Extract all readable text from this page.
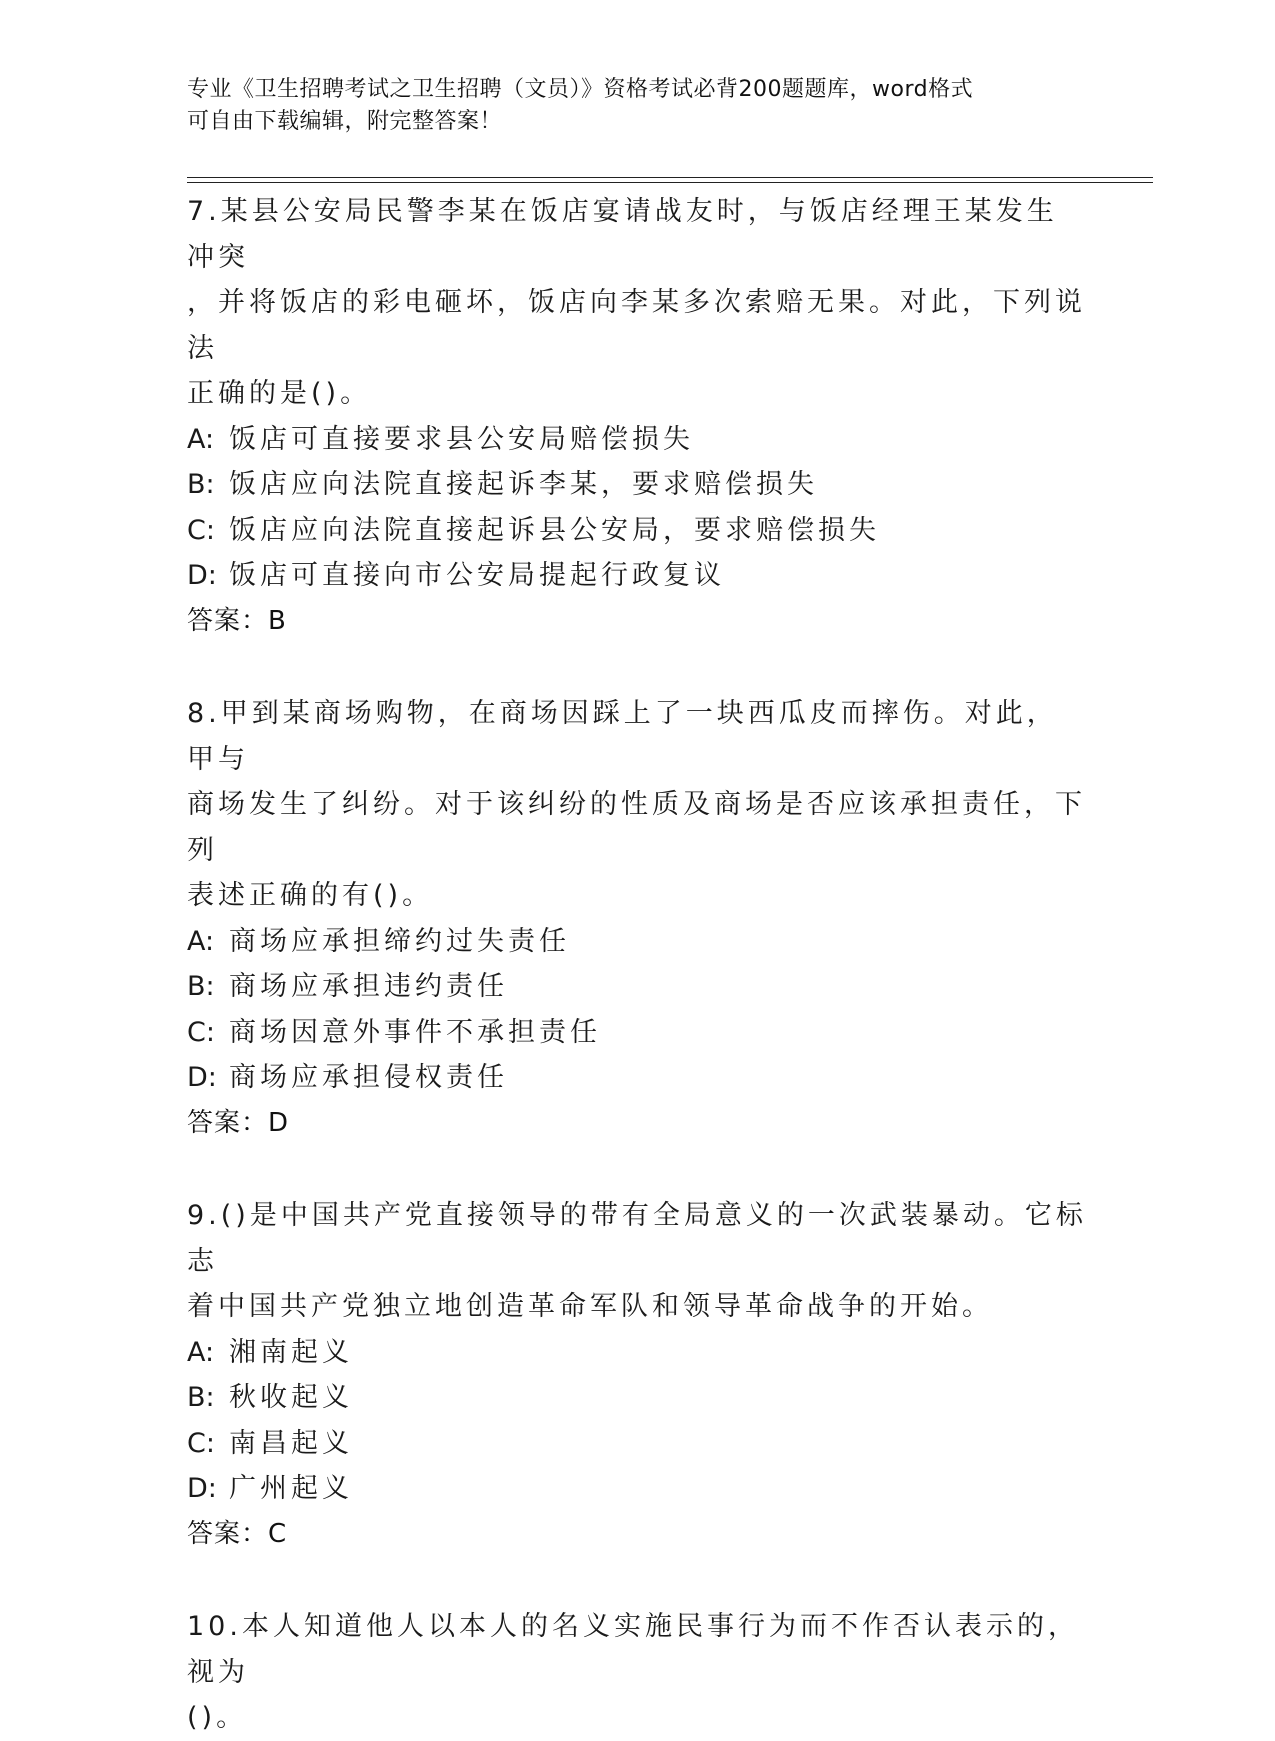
专业《卫生招聘考试之卫生招聘（文员）》资格考试必背200题题库，word格式
可自由下载编辑，附完整答案！
7.某县公安局民警李某在饭店宴请战友时，与饭店经理王某发生冲突
，并将饭店的彩电砸坏，饭店向李某多次索赔无果。对此，下列说法
正确的是()。
A: 饭店可直接要求县公安局赔偿损失
B: 饭店应向法院直接起诉李某，要求赔偿损失
C: 饭店应向法院直接起诉县公安局，要求赔偿损失
D: 饭店可直接向市公安局提起行政复议
答案：B
8.甲到某商场购物，在商场因踩上了一块西瓜皮而摔伤。对此，甲与
商场发生了纠纷。对于该纠纷的性质及商场是否应该承担责任，下列
表述正确的有()。
A: 商场应承担缔约过失责任
B: 商场应承担违约责任
C: 商场因意外事件不承担责任
D: 商场应承担侵权责任
答案：D
9.()是中国共产党直接领导的带有全局意义的一次武装暴动。它标志
着中国共产党独立地创造革命军队和领导革命战争的开始。
A: 湘南起义
B: 秋收起义
C: 南昌起义
D: 广州起义
答案：C
10.本人知道他人以本人的名义实施民事行为而不作否认表示的，视为
()。
